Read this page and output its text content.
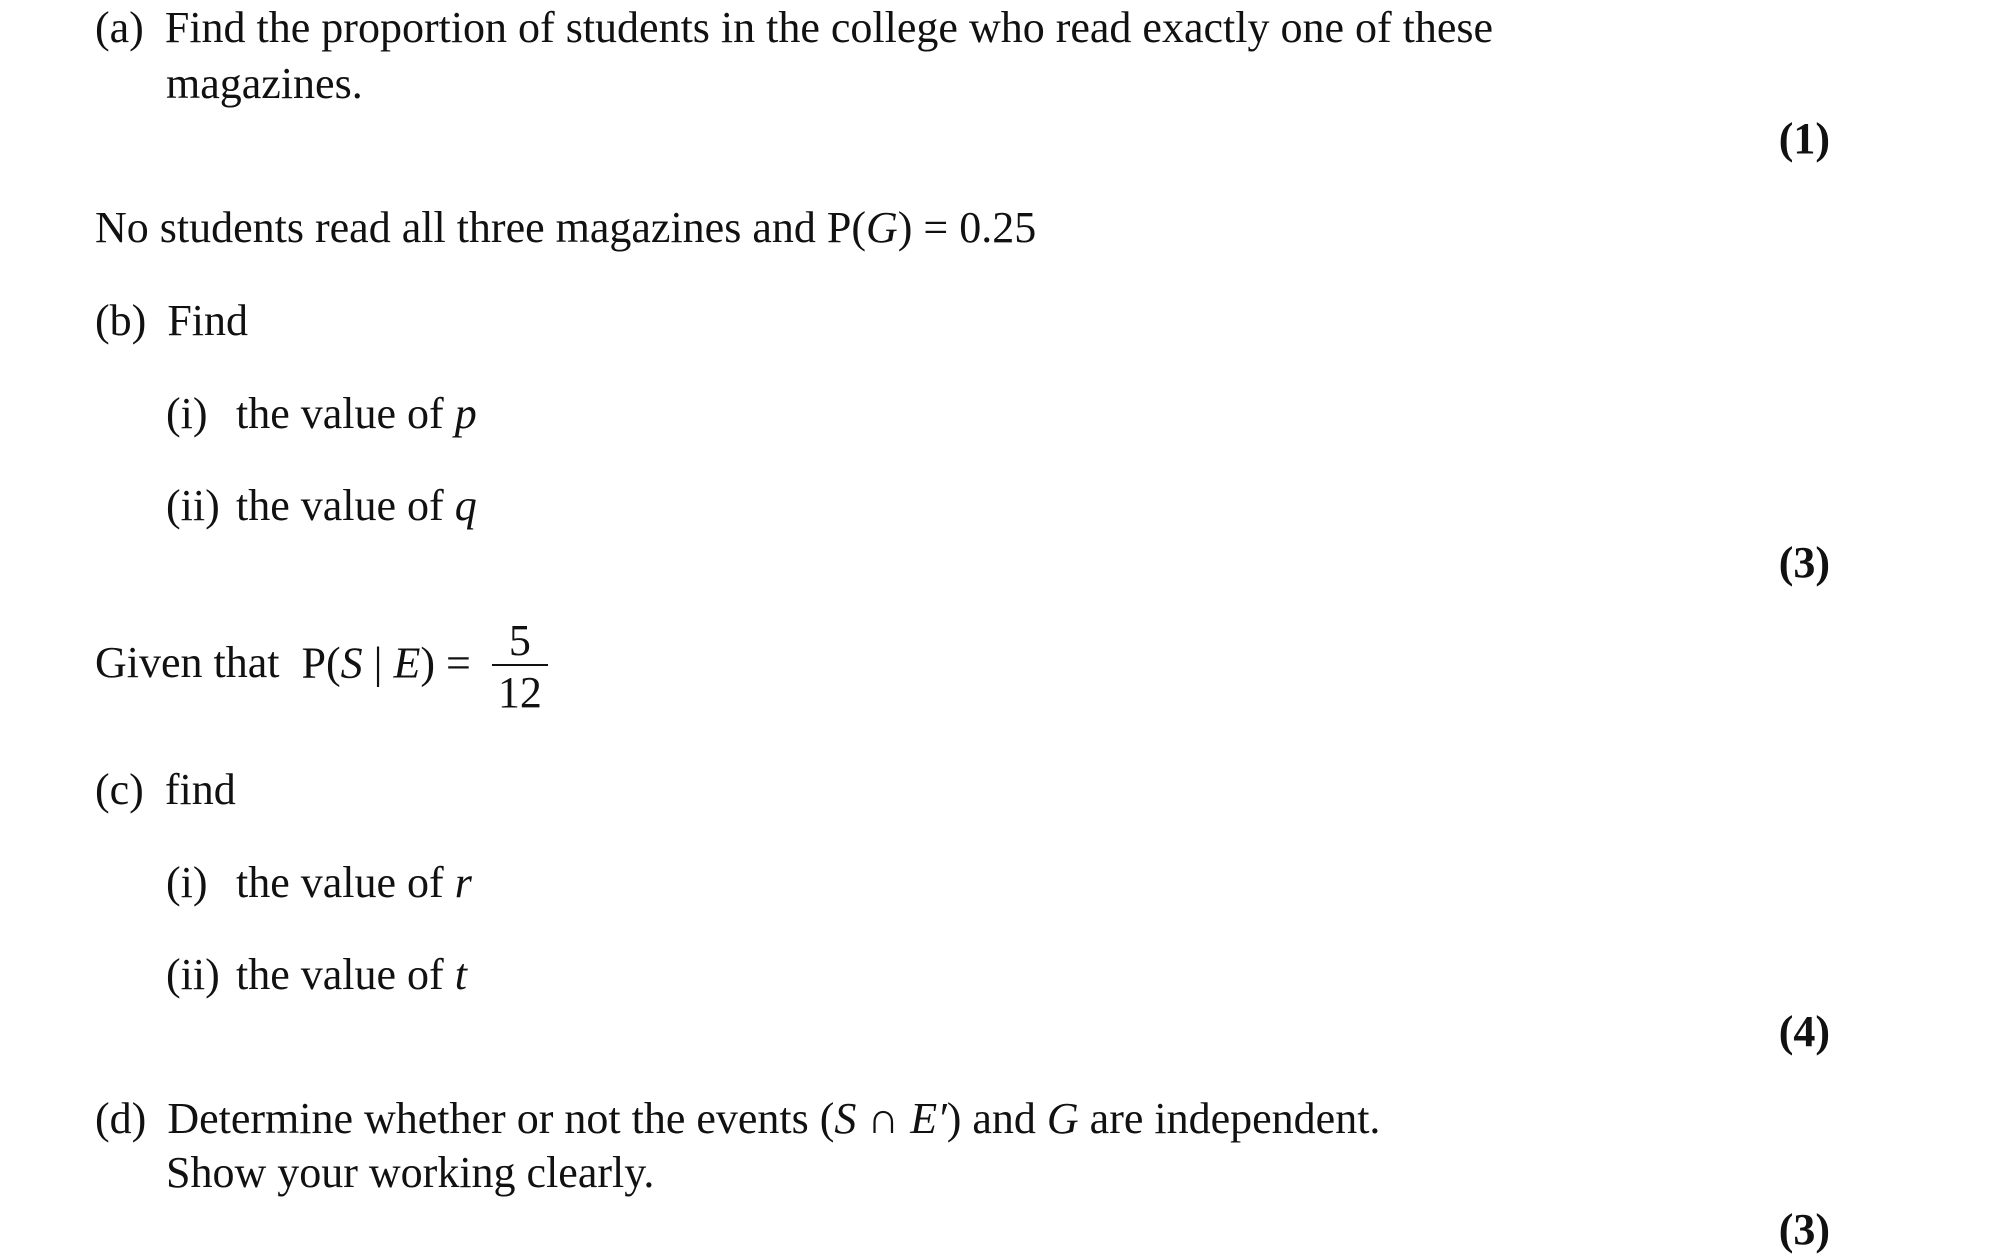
(a) Find the proportion of students in the college who read exactly one of these
magazines.
(1)
No students read all three magazines and P(G) = 0.25
(b) Find
(i) the value of p
(ii) the value of q
(3)
Given that P(S | $E) = \frac{5}{12}$
(c) find
(i) the value of r
(ii) the value of t
(4)
(d) Determine whether or not the events (S ∩ E′) and G are independent.
Show your working clearly.
(3)
